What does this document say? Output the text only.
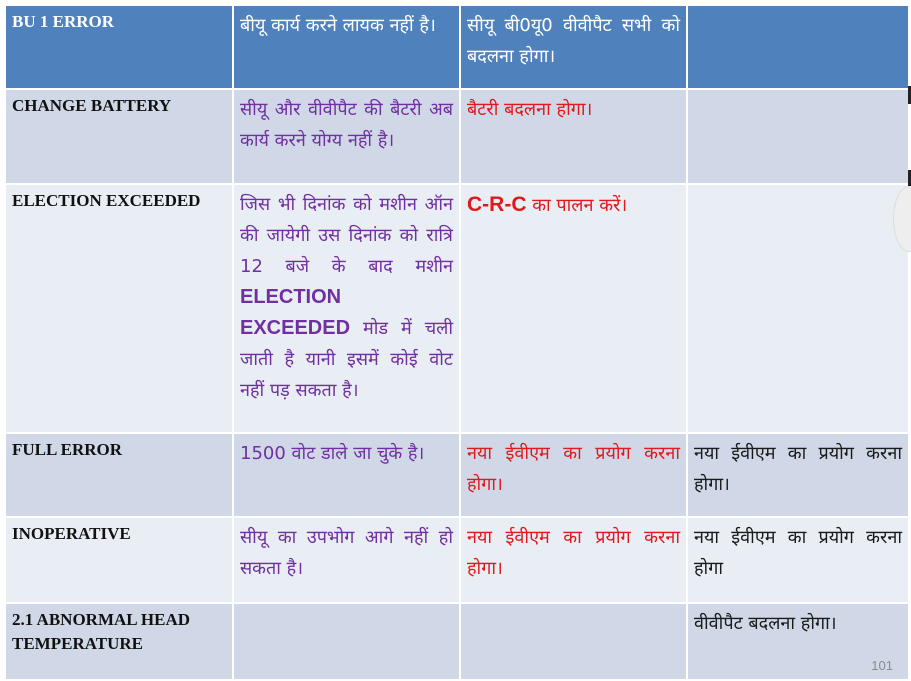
BU 1 ERROR	बीयू कार्य करने लायक नहीं है।	सीयू बी0यू0 वीवीपैट सभी को बदलना होगा।	
CHANGE BATTERY	सीयू और वीवीपैट की बैटरी अब कार्य करने योग्य नहीं है।	बैटरी बदलना होगा।	
ELECTION EXCEEDED	जिस भी दिनांक को मशीन ऑन की जायेगी उस दिनांक को रात्रि 12 बजे के बाद मशीन ELECTION EXCEEDED मोड में चली जाती है यानी इसमें कोई वोट नहीं पड़ सकता है।	C-R-C का पालन करें।	
FULL ERROR	1500 वोट डाले जा चुके है।	नया ईवीएम का प्रयोग करना होगा।	नया ईवीएम का प्रयोग करना होगा।
INOPERATIVE	सीयू का उपभोग आगे नहीं हो सकता है।	नया ईवीएम का प्रयोग करना होगा।	नया ईवीएम का प्रयोग करना होगा
2.1 ABNORMAL HEAD TEMPERATURE			वीवीपैट बदलना होगा।
101
